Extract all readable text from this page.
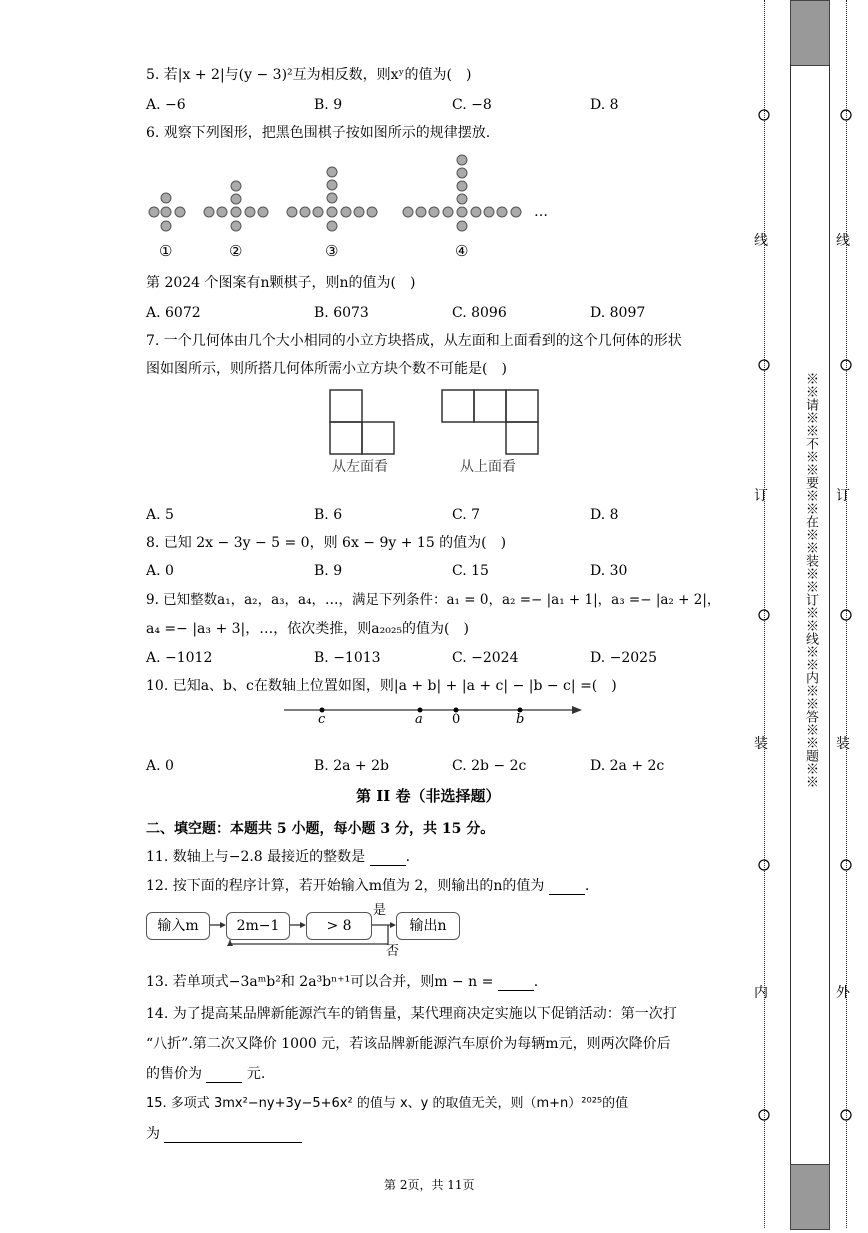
5. 若|x + 2|与(y − 3)²互为相反数，则xʸ的值为(　)
A. −6	B. 9	C. −8	D. 8
6. 观察下列图形，把黑色围棋子按如图所示的规律摆放.
…
①	②	③	④
第 2024 个图案有n颗棋子，则n的值为(　)
A. 6072	B. 6073	C. 8096	D. 8097
7. 一个几何体由几个大小相同的小立方块搭成，从左面和上面看到的这个几何体的形状
图如图所示，则所搭几何体所需小立方块个数不可能是(　)
从左面看	从上面看
A. 5	B. 6	C. 7	D. 8
8. 已知 2x − 3y − 5 = 0，则 6x − 9y + 15 的值为(　)
A. 0	B. 9	C. 15	D. 30
9. 已知整数a₁，a₂，a₃，a₄，…，满足下列条件：a₁ = 0，a₂ =− |a₁ + 1|，a₃ =− |a₂ + 2|，
a₄ =− |a₃ + 3|，…，依次类推，则a₂₀₂₅的值为(　)
A. −1012	B. −1013	C. −2024	D. −2025
10. 已知a、b、c在数轴上位置如图，则|a + b| + |a + c| − |b − c| =(　)
c	a 0	b
A. 0	B. 2a + 2b	C. 2b − 2c	D. 2a + 2c
第 II 卷（非选择题）
二、填空题：本题共 5 小题，每小题 3 分，共 15 分。
11. 数轴上与−2.8 最接近的整数是	.
12. 按下面的程序计算，若开始输入m值为 2，则输出的n的值为	.
输入m	2m−1	> 8	输出n
是
否
13. 若单项式−3aᵐb²和 2a³bⁿ⁺¹可以合并，则m − n =	.
14. 为了提高某品牌新能源汽车的销售量，某代理商决定实施以下促销活动：第一次打
“八折”.第二次又降价 1000 元，若该品牌新能源汽车原价为每辆m元，则两次降价后
的售价为	元.
15. 多项式 3mx²−ny+3y−5+6x² 的值与 x、y 的取值无关，则（m+n）²⁰²⁵的值
为
第 2页，共 11页
※※请※※不※※要※※在※※装※※订※※线※※内※※答※※题※※
线
订
装
内
线
订
装
外
